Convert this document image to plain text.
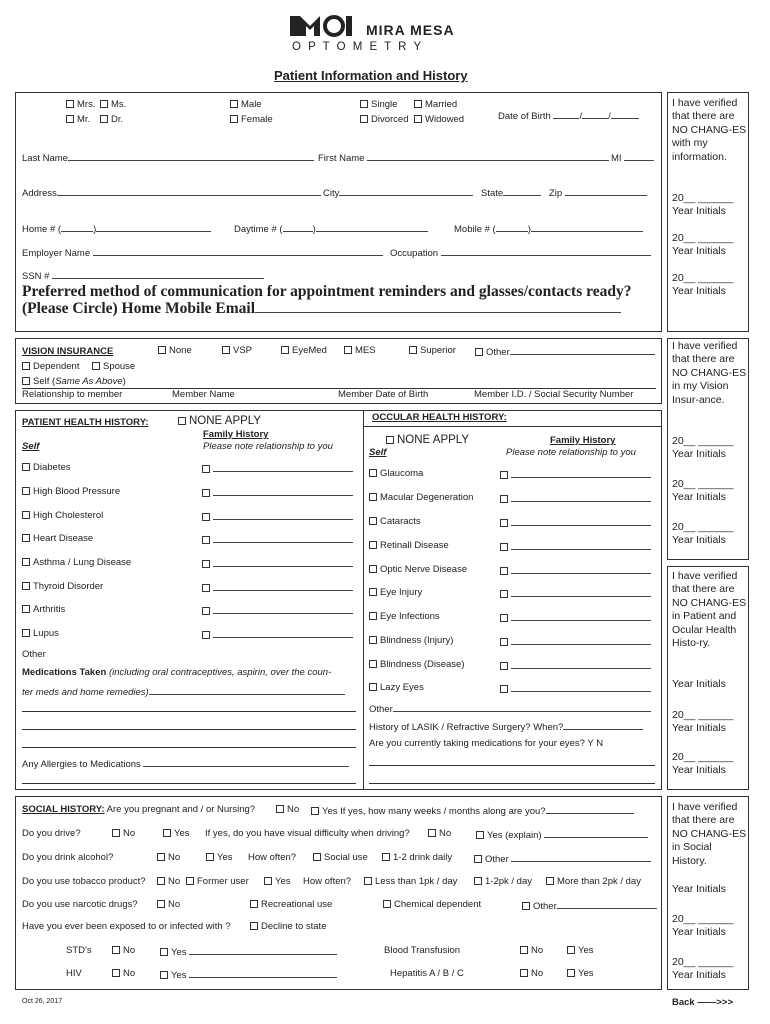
MIRA MESA
O P T O M E T R Y
Patient Information and History
I have verified that there are NO CHANG-ES with my information.
20__ ______
Year Initials
20__ ______
Year Initials
20__ ______
Year Initials
I have verified that there are NO CHANG-ES in my Vision Insur-ance.
20__ ______
Year Initials
20__ ______
Year Initials
20__ ______
Year Initials
I have verified that there are NO CHANG-ES in Patient and Ocular Health Histo-ry.
Year Initials
20__ ______
Year Initials
20__ ______
Year Initials
I have verified that there are NO CHANG-ES in Social History.
Year Initials
20__ ______
Year Initials
20__ ______
Year Initials
Mrs.	Ms.
Mr.	Dr.
Male
Female
Single	Married
Divorced	Widowed	Date of Birth	/	/
Last Name	First Name	MI
Address	City	State	Zip
Home # (	)	Daytime # (	)	Mobile # (	)
Employer Name	Occupation
SSN #
Preferred method of communication for appointment reminders and glasses/contacts ready?
(Please Circle) Home Mobile Email
VISION INSURANCE	None	VSP	EyeMed	MES	Superior	Other
Dependent	Spouse
Self (Same As Above)
Relationship to member	Member Name	Member Date of Birth	Member I.D. / Social Security Number
PATIENT HEALTH HISTORY:	NONE APPLY
Family History
Please note relationship to you
Self
Diabetes
High Blood Pressure
High Cholesterol
Heart Disease
Asthma / Lung Disease
Thyroid Disorder
Arthritis
Lupus
Other
Medications Taken (including oral contraceptives, aspirin, over the coun-
ter meds and home remedies)
Any Allergies to Medications
OCCULAR HEALTH HISTORY:
NONE APPLY	Family History
Please note relationship to you
Self
Glaucoma
Macular Degeneration
Cataracts
Retinall Disease
Optic Nerve Disease
Eye Injury
Eye Infections
Blindness (Injury)
Blindness (Disease)
Lazy Eyes
Other
History of LASIK / Refractive Surgery? When?
Are you currently taking medications for your eyes? Y N
SOCIAL HISTORY: Are you pregnant and / or Nursing?	No	Yes If yes, how many weeks / months along are you?
Do you drive?	No	Yes If yes, do you have visual difficulty when driving?	No	Yes (explain)
Do you drink alcohol?	No	Yes How often?	Social use	1-2 drink daily	Other
Do you use tobacco product?	No	Former user	Yes How often?	Less than 1pk / day	1-2pk / day	More than 2pk / day
Do you use narcotic drugs?	No	Recreational use	Chemical dependent	Other
Have you ever been exposed to or infected with ?	Decline to state
STD's	No	Yes	Blood Transfusion	No	Yes
HIV	No	Yes	Hepatitis A / B / C	No	Yes
Oct 26, 2017	Back ——>>>
